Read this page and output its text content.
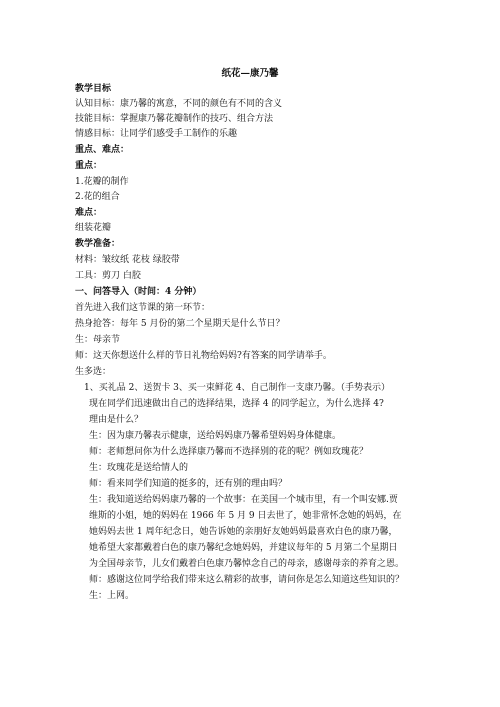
纸花—康乃馨
教学目标
认知目标：康乃馨的寓意，不同的颜色有不同的含义
技能目标：掌握康乃馨花瓣制作的技巧、组合方法
情感目标：让同学们感受手工制作的乐趣
重点、难点：
重点：
1.花瓣的制作
2.花的组合
难点：
组装花瓣
教学准备：
材料：皱纹纸 花枝 绿胶带
工具：剪刀 白胶
一、问答导入（时间：4 分钟）
首先进入我们这节课的第一环节：
热身抢答：每年 5 月份的第二个星期天是什么节日？
生：母亲节
师：这天你想送什么样的节日礼物给妈妈?有答案的同学请举手。
生多选：
1、买礼品 2、送贺卡 3、买一束鲜花 4、自己制作一支康乃馨。（手势表示）
现在同学们迅速做出自己的选择结果，选择 4 的同学起立，为什么选择 4?
理由是什么？
生：因为康乃馨表示健康，送给妈妈康乃馨希望妈妈身体健康。
师：老师想问你为什么选择康乃馨而不选择别的花的呢？例如玫瑰花？
生：玫瑰花是送给情人的
师：看来同学们知道的挺多的，还有别的理由吗？
生：我知道送给妈妈康乃馨的一个故事：在美国一个城市里，有一个叫安娜.贾
维斯的小姐，她的妈妈在 1966 年 5 月 9 日去世了，她非常怀念她的妈妈，在
她妈妈去世 1 周年纪念日，她告诉她的亲朋好友她妈妈最喜欢白色的康乃馨，
她希望大家都戴着白色的康乃馨纪念她妈妈，并建议每年的 5 月第二个星期日
为全国母亲节，儿女们戴着白色康乃馨悼念自己的母亲，感谢母亲的养育之恩。
师：感谢这位同学给我们带来这么精彩的故事，请问你是怎么知道这些知识的？
生：上网。
